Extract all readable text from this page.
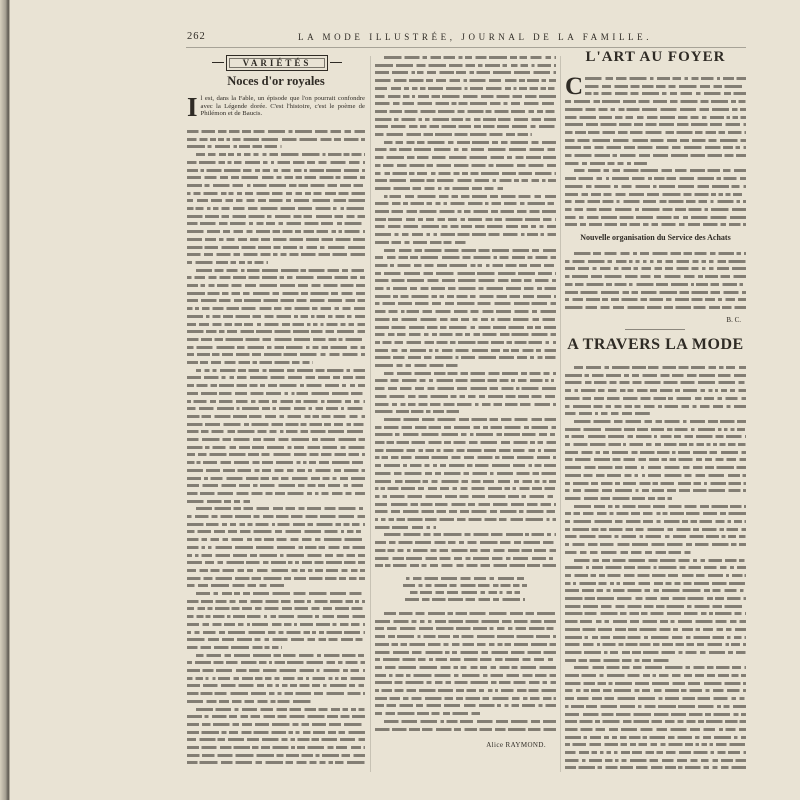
262	LA MODE ILLUSTRÉE, JOURNAL DE LA FAMILLE.
VARIÉTÉS
Noces d'or royales
Il est, dans la Fable, un épisode que l'on pourrait confondre avec la Légende dorée. C'est l'histoire, c'est le poème de Philémon et de Baucis.
Alice RAYMOND.
L'ART AU FOYER
C
Nouvelle organisation du Service des Achats
B. C.
A TRAVERS LA MODE
